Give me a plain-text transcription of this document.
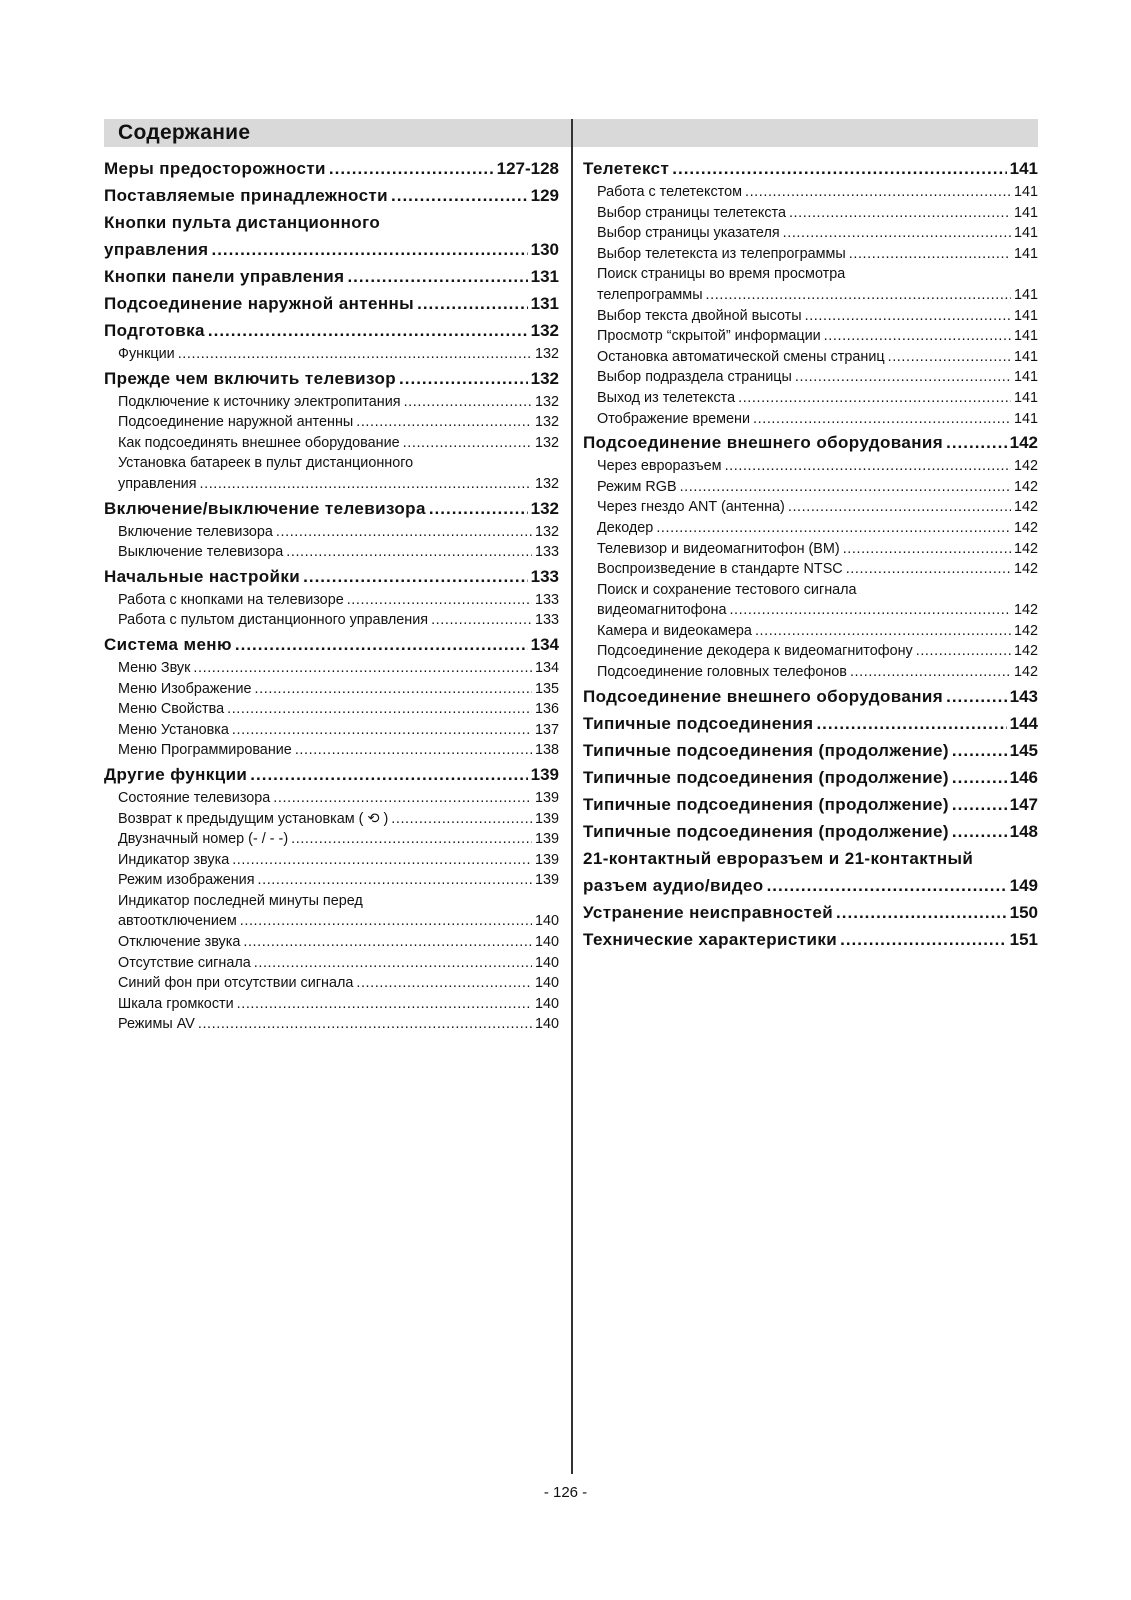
Содержание
Меры предосторожности .....	127-128
Поставляемые принадлежности .....	129
Кнопки пульта дистанционного
управления .....	130
Кнопки панели управления .....	131
Подсоединение наружной антенны .....	131
Подготовка .....	132
Функции .....	132
Прежде чем включить телевизор .....	132
Подключение к источнику электропитания .....	132
Подсоединение наружной антенны .....	132
Как подсоединять внешнее оборудование .....	132
Установка батареек в пульт дистанционного
управления .....	132
Включение/выключение телевизора .....	132
Включение телевизора .....	132
Выключение телевизора .....	133
Начальные настройки .....	133
Работа с кнопками на телевизоре .....	133
Работа с пультом дистанционного управления .....	133
Система меню .....	134
Меню Звук .....	134
Меню Изображение .....	135
Меню Свойства .....	136
Меню Установка .....	137
Меню Программирование .....	138
Другие функции .....	139
Состояние телевизора .....	139
Возврат к предыдущим установкам ( ⟲ ) .....	139
Двузначный номер (- / - -) .....	139
Индикатор звука .....	139
Режим изображения .....	139
Индикатор последней минуты перед
автоотключением .....	140
Отключение звука .....	140
Отсутствие сигнала .....	140
Синий фон при отсутствии сигнала .....	140
Шкала громкости .....	140
Режимы AV .....	140
Телетекст .....	141
Работа с телетекстом .....	141
Выбор страницы телетекста .....	141
Выбор страницы указателя .....	141
Выбор телетекста из телепрограммы .....	141
Поиск страницы во время просмотра
телепрограммы .....	141
Выбор текста двойной высоты .....	141
Просмотр “скрытой” информации .....	141
Остановка автоматической смены страниц .....	141
Выбор подраздела страницы .....	141
Выход из телетекста .....	141
Отображение времени .....	141
Подсоединение внешнего оборудования .....	142
Через евроразъем .....	142
Режим RGB .....	142
Через гнездо ANT (антенна) .....	142
Декодер .....	142
Телевизор и видеомагнитофон (ВМ) .....	142
Воспроизведение в стандарте NTSC .....	142
Поиск и сохранение тестового сигнала
видеомагнитофона .....	142
Камера и видеокамера .....	142
Подсоединение декодера к видеомагнитофону .....	142
Подсоединение головных телефонов .....	142
Подсоединение внешнего оборудования .....	143
Типичные подсоединения .....	144
Типичные подсоединения (продолжение) .....	145
Типичные подсоединения (продолжение) .....	146
Типичные подсоединения (продолжение) .....	147
Типичные подсоединения (продолжение) .....	148
21-контактный евроразъем и 21-контактный
разъем аудио/видео .....	149
Устранение неисправностей .....	150
Технические характеристики .....	151
- 126 -
